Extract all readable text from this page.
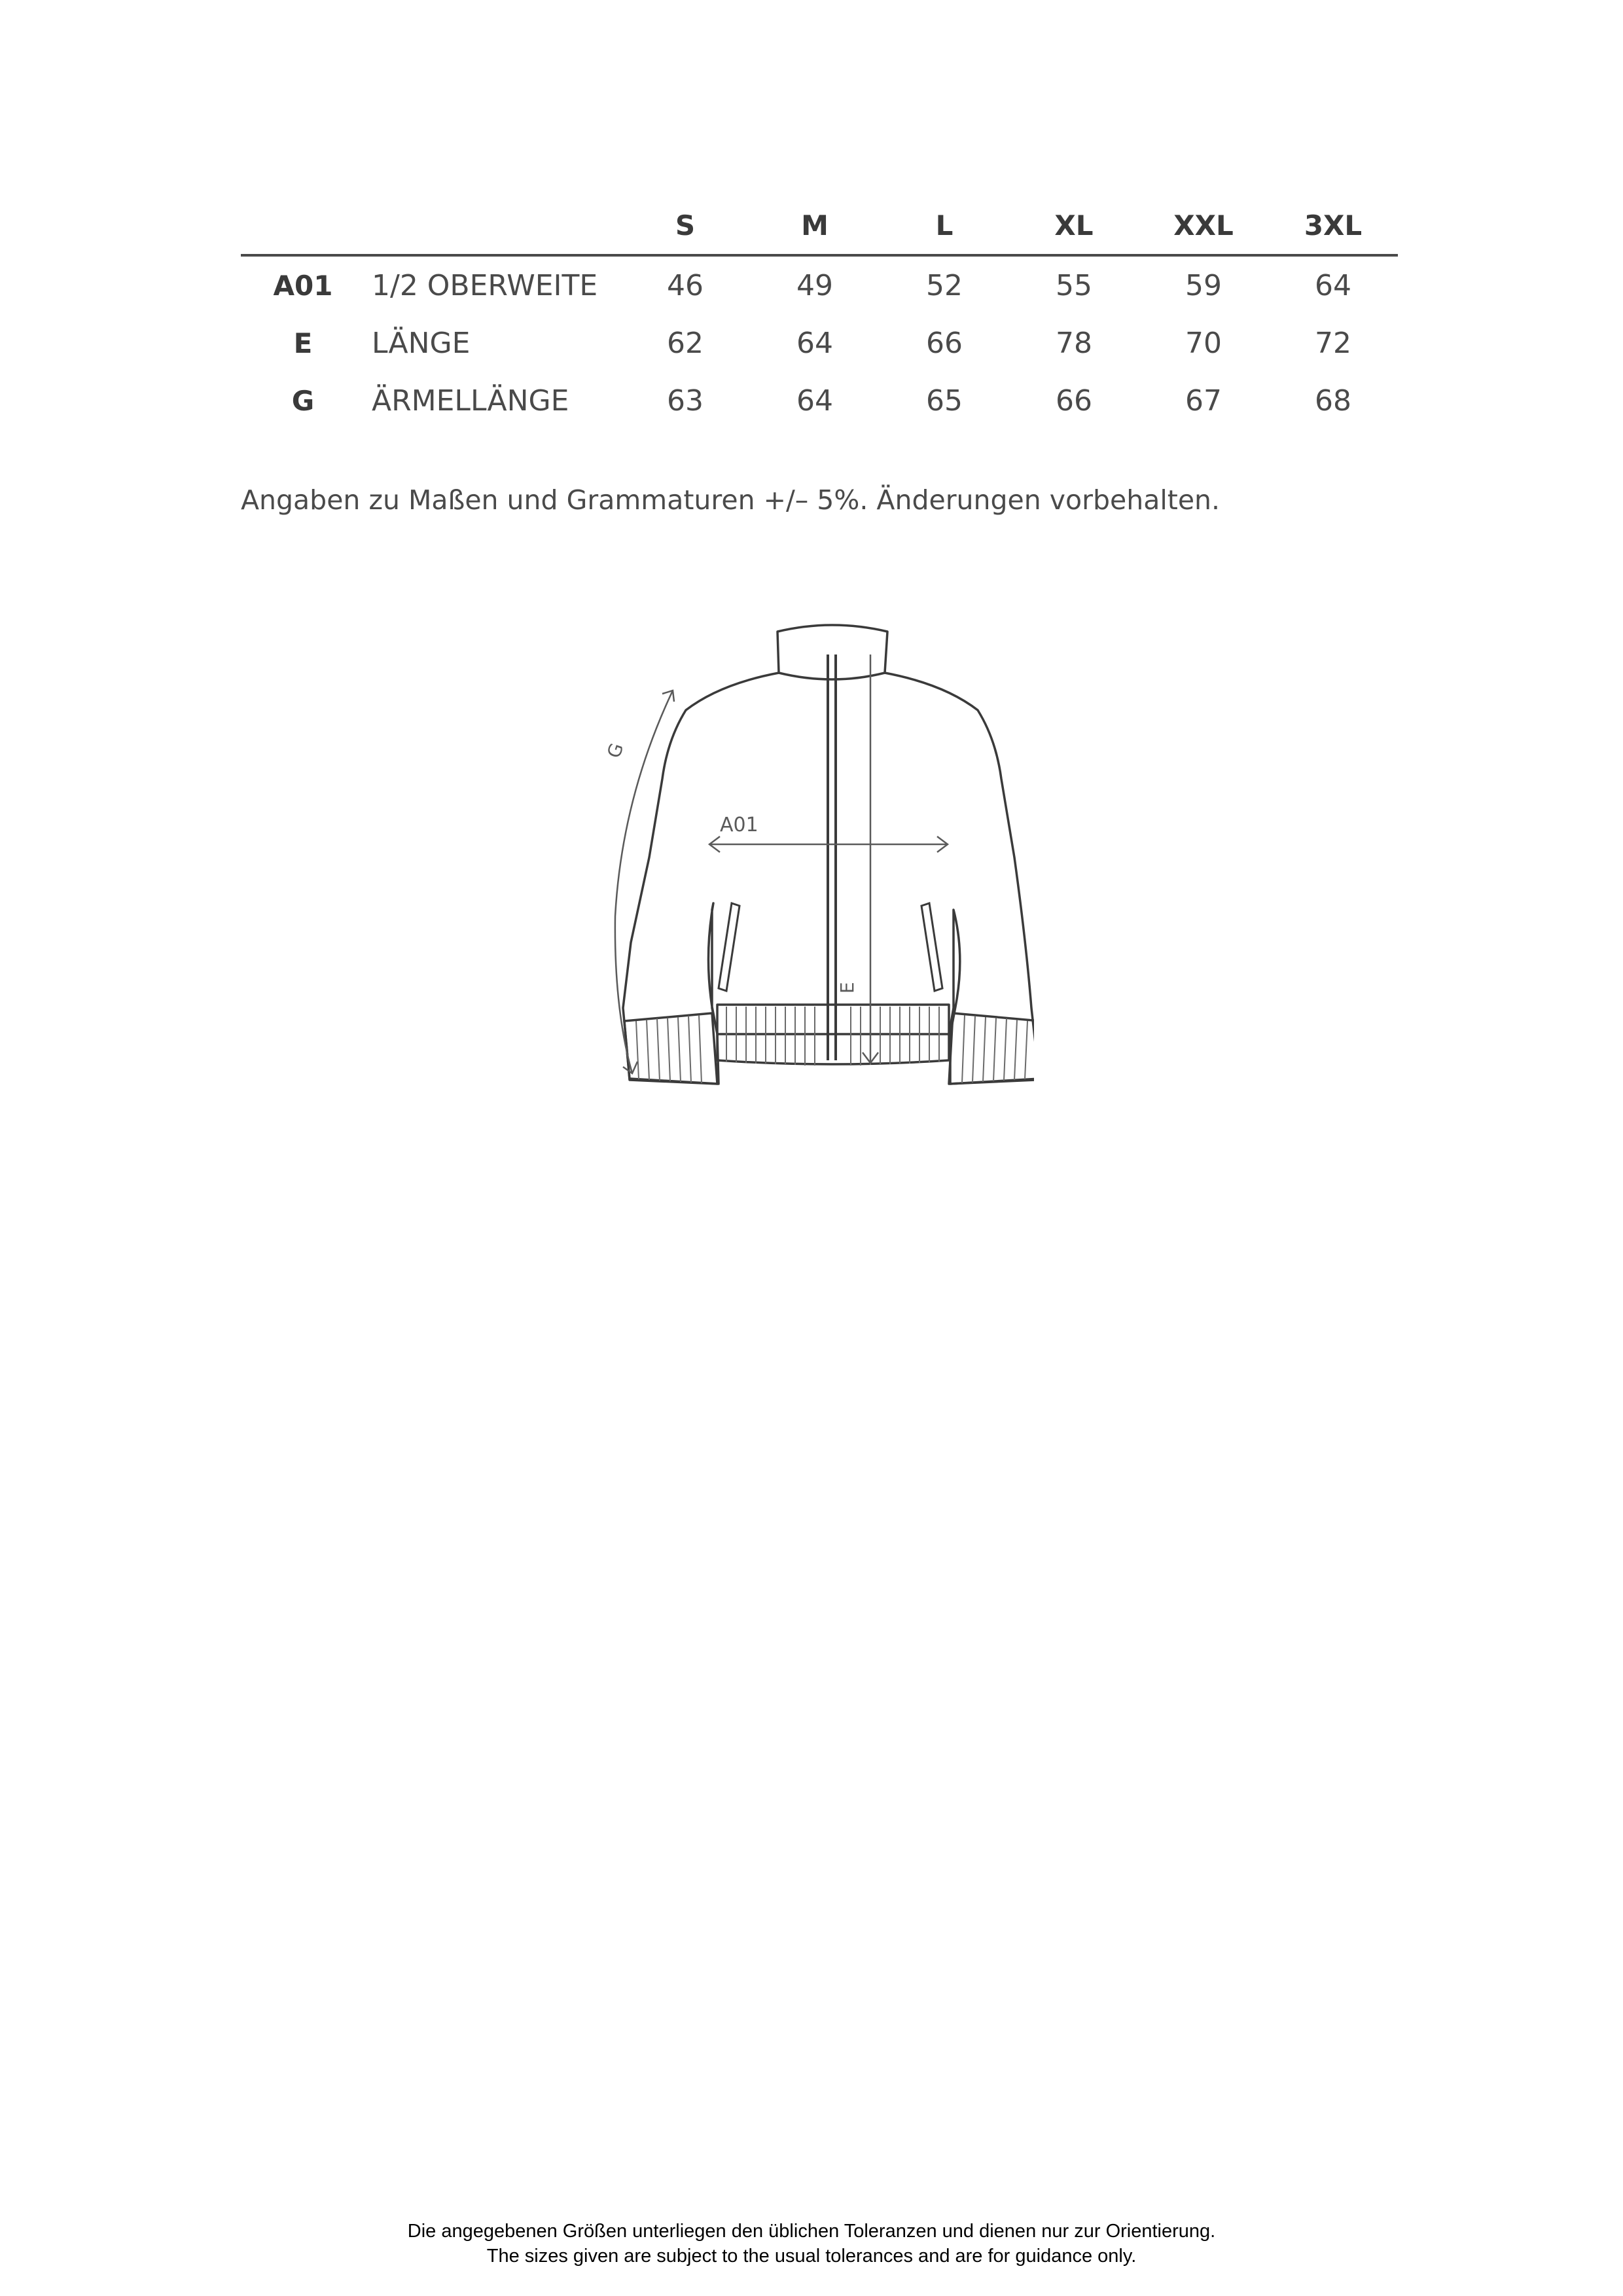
		S	M	L	XL	XXL	3XL
A01	1/2 OBERWEITE	46	49	52	55	59	64
E	LÄNGE	62	64	66	78	70	72
G	ÄRMELLÄNGE	63	64	65	66	67	68
Angaben zu Maßen und Grammaturen +/– 5%. Änderungen vorbehalten.
A01
E
G
Die angegebenen Größen unterliegen den üblichen Toleranzen und dienen nur zur Orientierung.
The sizes given are subject to the usual tolerances and are for guidance only.
